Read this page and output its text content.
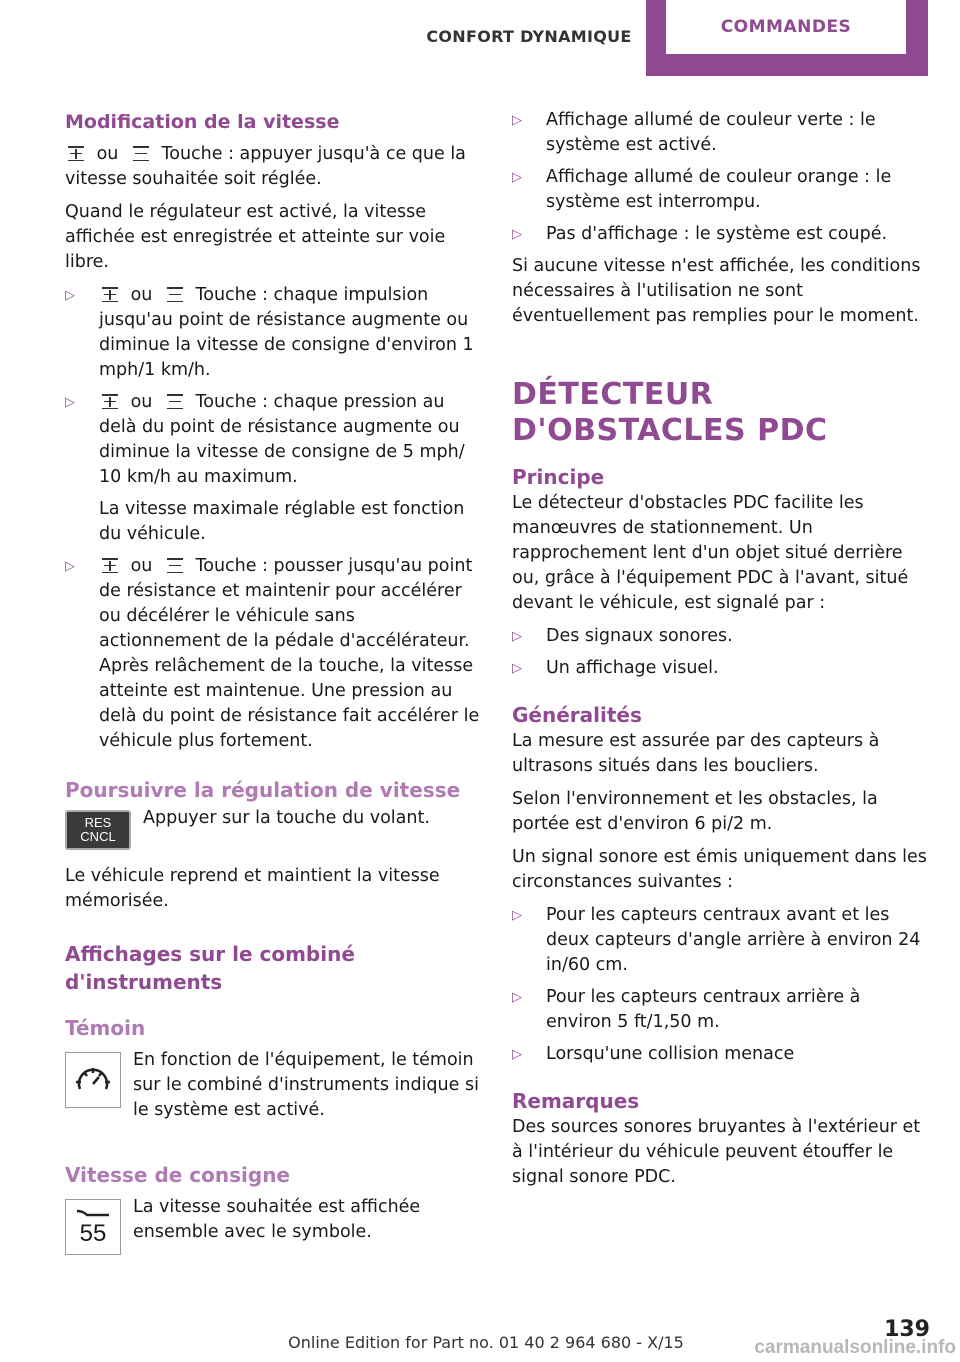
CONFORT DYNAMIQUE	COMMANDES
Modification de la vitesse

ou Touche : appuyer jusqu'à ce que la vitesse souhaitée soit réglée.

Quand le régulateur est activé, la vitesse affichée est enregistrée et atteinte sur voie libre.

▷	ou Touche : chaque impulsion jusqu'au point de résistance augmente ou diminue la vitesse de consigne d'environ 1 mph/1 km/h.
▷	ou Touche : chaque pression au delà du point de résistance augmente ou diminue la vitesse de consigne de 5 mph/ 10 km/h au maximum.
La vitesse maximale réglable est fonction du véhicule.
▷	ou Touche : pousser jusqu'au point de résistance et maintenir pour accélérer ou décélérer le véhicule sans actionnement de la pédale d'accélérateur. Après relâchement de la touche, la vitesse atteinte est maintenue. Une pression au delà du point de résistance fait accélérer le véhicule plus fortement.
Poursuivre la régulation de vitesse
RES
CNCL

Appuyer sur la touche du volant.

Le véhicule reprend et maintient la vitesse mémorisée.

Affichages sur le combiné d'instruments
Témoin

En fonction de l'équipement, le témoin sur le combiné d'instruments indique si le système est activé.

Vitesse de consigne
55

La vitesse souhaitée est affichée ensemble avec le symbole.

▷ Affichage allumé de couleur verte : le système est activé.
▷ Affichage allumé de couleur orange : le système est interrompu.
▷ Pas d'affichage : le système est coupé.

Si aucune vitesse n'est affichée, les conditions nécessaires à l'utilisation ne sont éventuellement pas remplies pour le moment.

DÉTECTEUR D'OBSTACLES PDC
Principe

Le détecteur d'obstacles PDC facilite les manœuvres de stationnement. Un rapprochement lent d'un objet situé derrière ou, grâce à l'équipement PDC à l'avant, situé devant le véhicule, est signalé par :

▷ Des signaux sonores.
▷ Un affichage visuel.
Généralités

La mesure est assurée par des capteurs à ultrasons situés dans les boucliers.

Selon l'environnement et les obstacles, la portée est d'environ 6 pi/2 m.

Un signal sonore est émis uniquement dans les circonstances suivantes :

▷ Pour les capteurs centraux avant et les deux capteurs d'angle arrière à environ 24 in/60 cm.
▷ Pour les capteurs centraux arrière à environ 5 ft/1,50 m.
▷ Lorsqu'une collision menace
Remarques

Des sources sonores bruyantes à l'extérieur et à l'intérieur du véhicule peuvent étouffer le signal sonore PDC.

Online Edition for Part no. 01 40 2 964 680 - X/15
139
carmanualsonline.info
